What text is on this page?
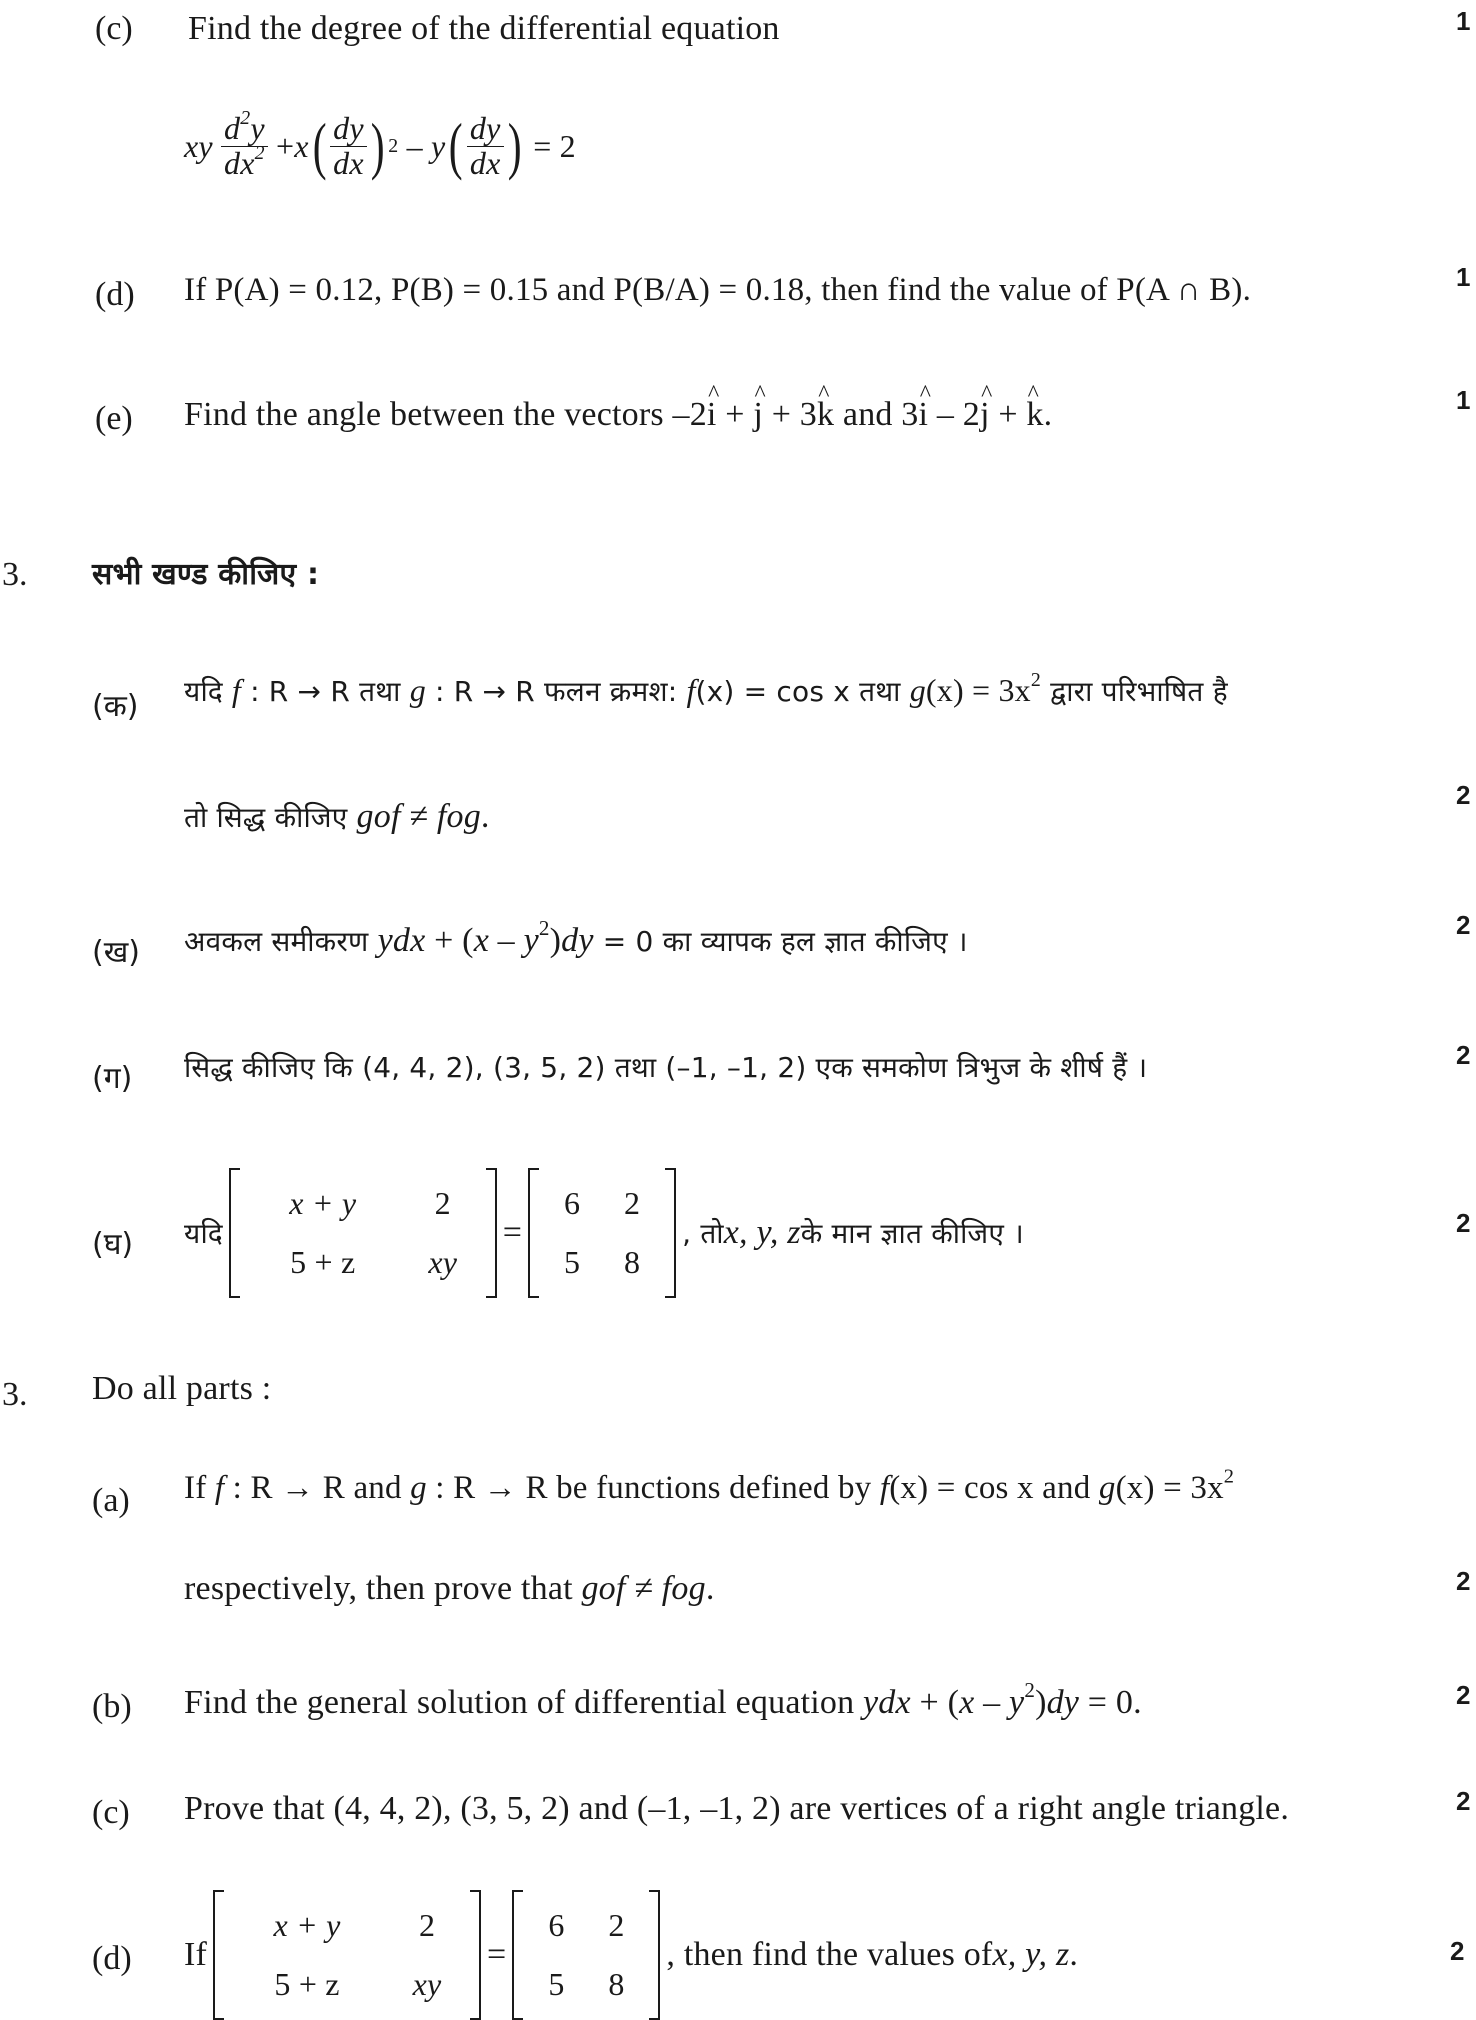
(c) Find the degree of the differential equation	1
xy
$\frac{d^2y}{dx^2}$
+ x ( $\frac{dy}{dx}$ ) 2
–
y ( $\frac{dy}{dx}$ )
= 2
(d) If P(A) = 0.12, P(B) = 0.15 and P(B/A) = 0.18, then find the value of P(A ∩ B).	1
(e) Find the angle between the vectors –2^ i + ^ j + 3^ k and 3^ i – 2^ j + ^ k.	1
3. सभी खण्ड कीजिए :
(क) यदि f : R → R तथा g : R → R फलन क्रमश: f(x) = cos x तथा $g(x) = 3x^2$ द्वारा परिभाषित है
तो सिद्ध कीजिए gof ≠ fog.
2
(ख) अवकल समीकरण ydx + $(x - y^2)dy = 0$ का व्यापक हल ज्ञात कीजिए ।	2
(ग) सिद्ध कीजिए कि (4, 4, 2), (3, 5, 2) तथा (–1, –1, 2) एक समकोण त्रिभुज के शीर्ष हैं ।	2
(घ) यदि
x + y	2
5 + z	xy
=
6	2
5	8
, तो x, y, z के मान ज्ञात कीजिए ।	2
3. Do all parts :
(a) If f : R → R and g : R → R be functions defined by f(x) = cos x and $g(x) = 3x^2$
respectively, then prove that gof ≠ fog.	2
(b) Find the general solution of differential equation ydx + $(x - y^2)dy = 0$.	2
(c) Prove that (4, 4, 2), (3, 5, 2) and (–1, –1, 2) are vertices of a right angle triangle.	2
(d) If
x + y	2
5 + z	xy
=
6	2
5	8
, then find the values of x, y, z .	2
